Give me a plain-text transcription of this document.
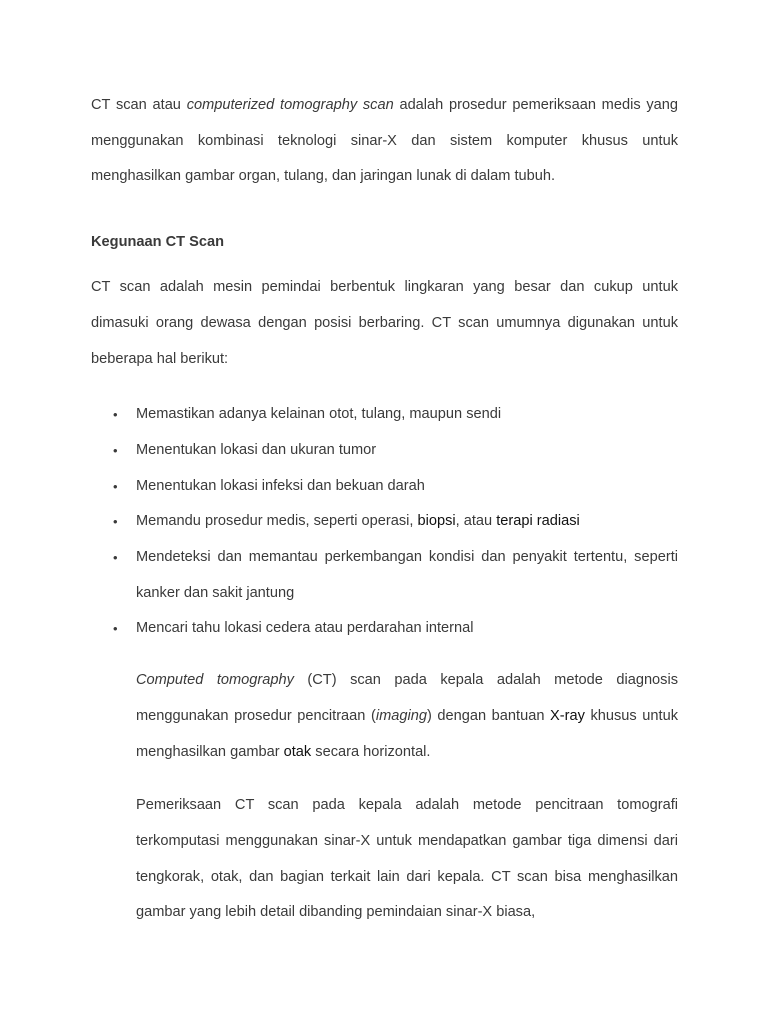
CT scan atau computerized tomography scan adalah prosedur pemeriksaan medis yang menggunakan kombinasi teknologi sinar-X dan sistem komputer khusus untuk menghasilkan gambar organ, tulang, dan jaringan lunak di dalam tubuh.

Kegunaan CT Scan

CT scan adalah mesin pemindai berbentuk lingkaran yang besar dan cukup untuk dimasuki orang dewasa dengan posisi berbaring. CT scan umumnya digunakan untuk beberapa hal berikut:

• Memastikan adanya kelainan otot, tulang, maupun sendi
• Menentukan lokasi dan ukuran tumor
• Menentukan lokasi infeksi dan bekuan darah
• Memandu prosedur medis, seperti operasi, biopsi, atau terapi radiasi
• Mendeteksi dan memantau perkembangan kondisi dan penyakit tertentu, seperti kanker dan sakit jantung
• Mencari tahu lokasi cedera atau perdarahan internal

Computed tomography (CT) scan pada kepala adalah metode diagnosis menggunakan prosedur pencitraan (imaging) dengan bantuan X-ray khusus untuk menghasilkan gambar otak secara horizontal.

Pemeriksaan CT scan pada kepala adalah metode pencitraan tomografi terkomputasi menggunakan sinar-X untuk mendapatkan gambar tiga dimensi dari tengkorak, otak, dan bagian terkait lain dari kepala. CT scan bisa menghasilkan gambar yang lebih detail dibanding pemindaian sinar-X biasa,
